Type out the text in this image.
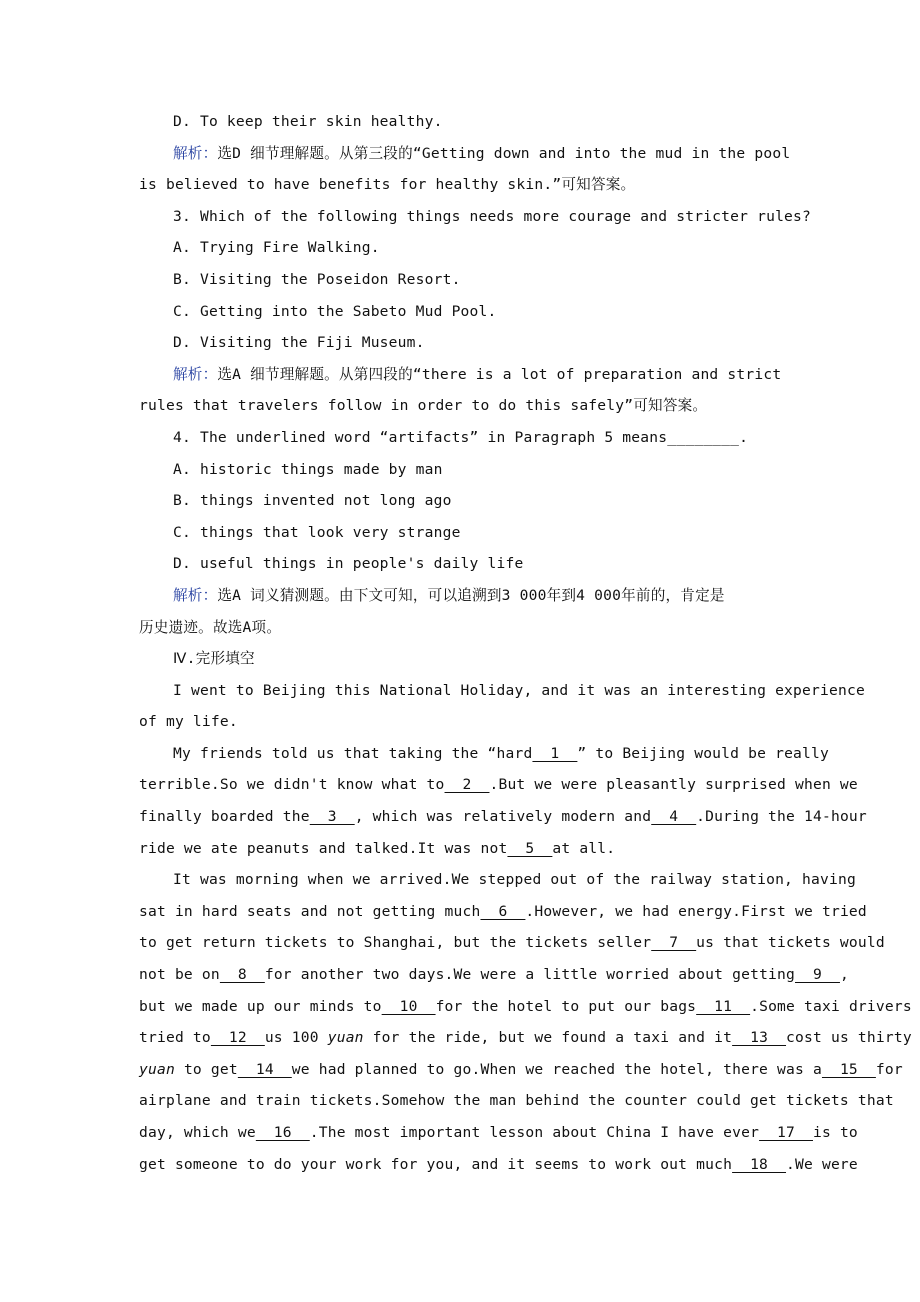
D. To keep their skin healthy.
解析：选D 细节理解题。从第三段的“Getting down and into the mud in the pool
is believed to have benefits for healthy skin.”可知答案。
3. Which of the following things needs more courage and stricter rules?
A. Trying Fire Walking.
B. Visiting the Poseidon Resort.
C. Getting into the Sabeto Mud Pool.
D. Visiting the Fiji Museum.
解析：选A 细节理解题。从第四段的“there is a lot of preparation and strict
rules that travelers follow in order to do this safely”可知答案。
4. The underlined word “artifacts” in Paragraph 5 means________.
A. historic things made by man
B. things invented not long ago
C. things that look very strange
D. useful things in people's daily life
解析：选A 词义猜测题。由下文可知，可以追溯到3 000年到4 000年前的，肯定是
历史遗迹。故选A项。
Ⅳ.完形填空
I went to Beijing this National Holiday, and it was an interesting experience
of my life.
My friends told us that taking the “hard  1  ” to Beijing would be really
terrible.So we didn't know what to  2  .But we were pleasantly surprised when we
finally boarded the  3  , which was relatively modern and  4  .During the 14-hour
ride we ate peanuts and talked.It was not  5  at all.
It was morning when we arrived.We stepped out of the railway station, having
sat in hard seats and not getting much  6  .However, we had energy.First we tried
to get return tickets to Shanghai, but the tickets seller  7  us that tickets would
not be on  8  for another two days.We were a little worried about getting  9  ,
but we made up our minds to  10  for the hotel to put our bags  11  .Some taxi drivers
tried to  12  us 100 yuan for the ride, but we found a taxi and it  13  cost us thirty
yuan to get  14  we had planned to go.When we reached the hotel, there was a  15  for
airplane and train tickets.Somehow the man behind the counter could get tickets that
day, which we  16  .The most important lesson about China I have ever  17  is to
get someone to do your work for you, and it seems to work out much  18  .We were
